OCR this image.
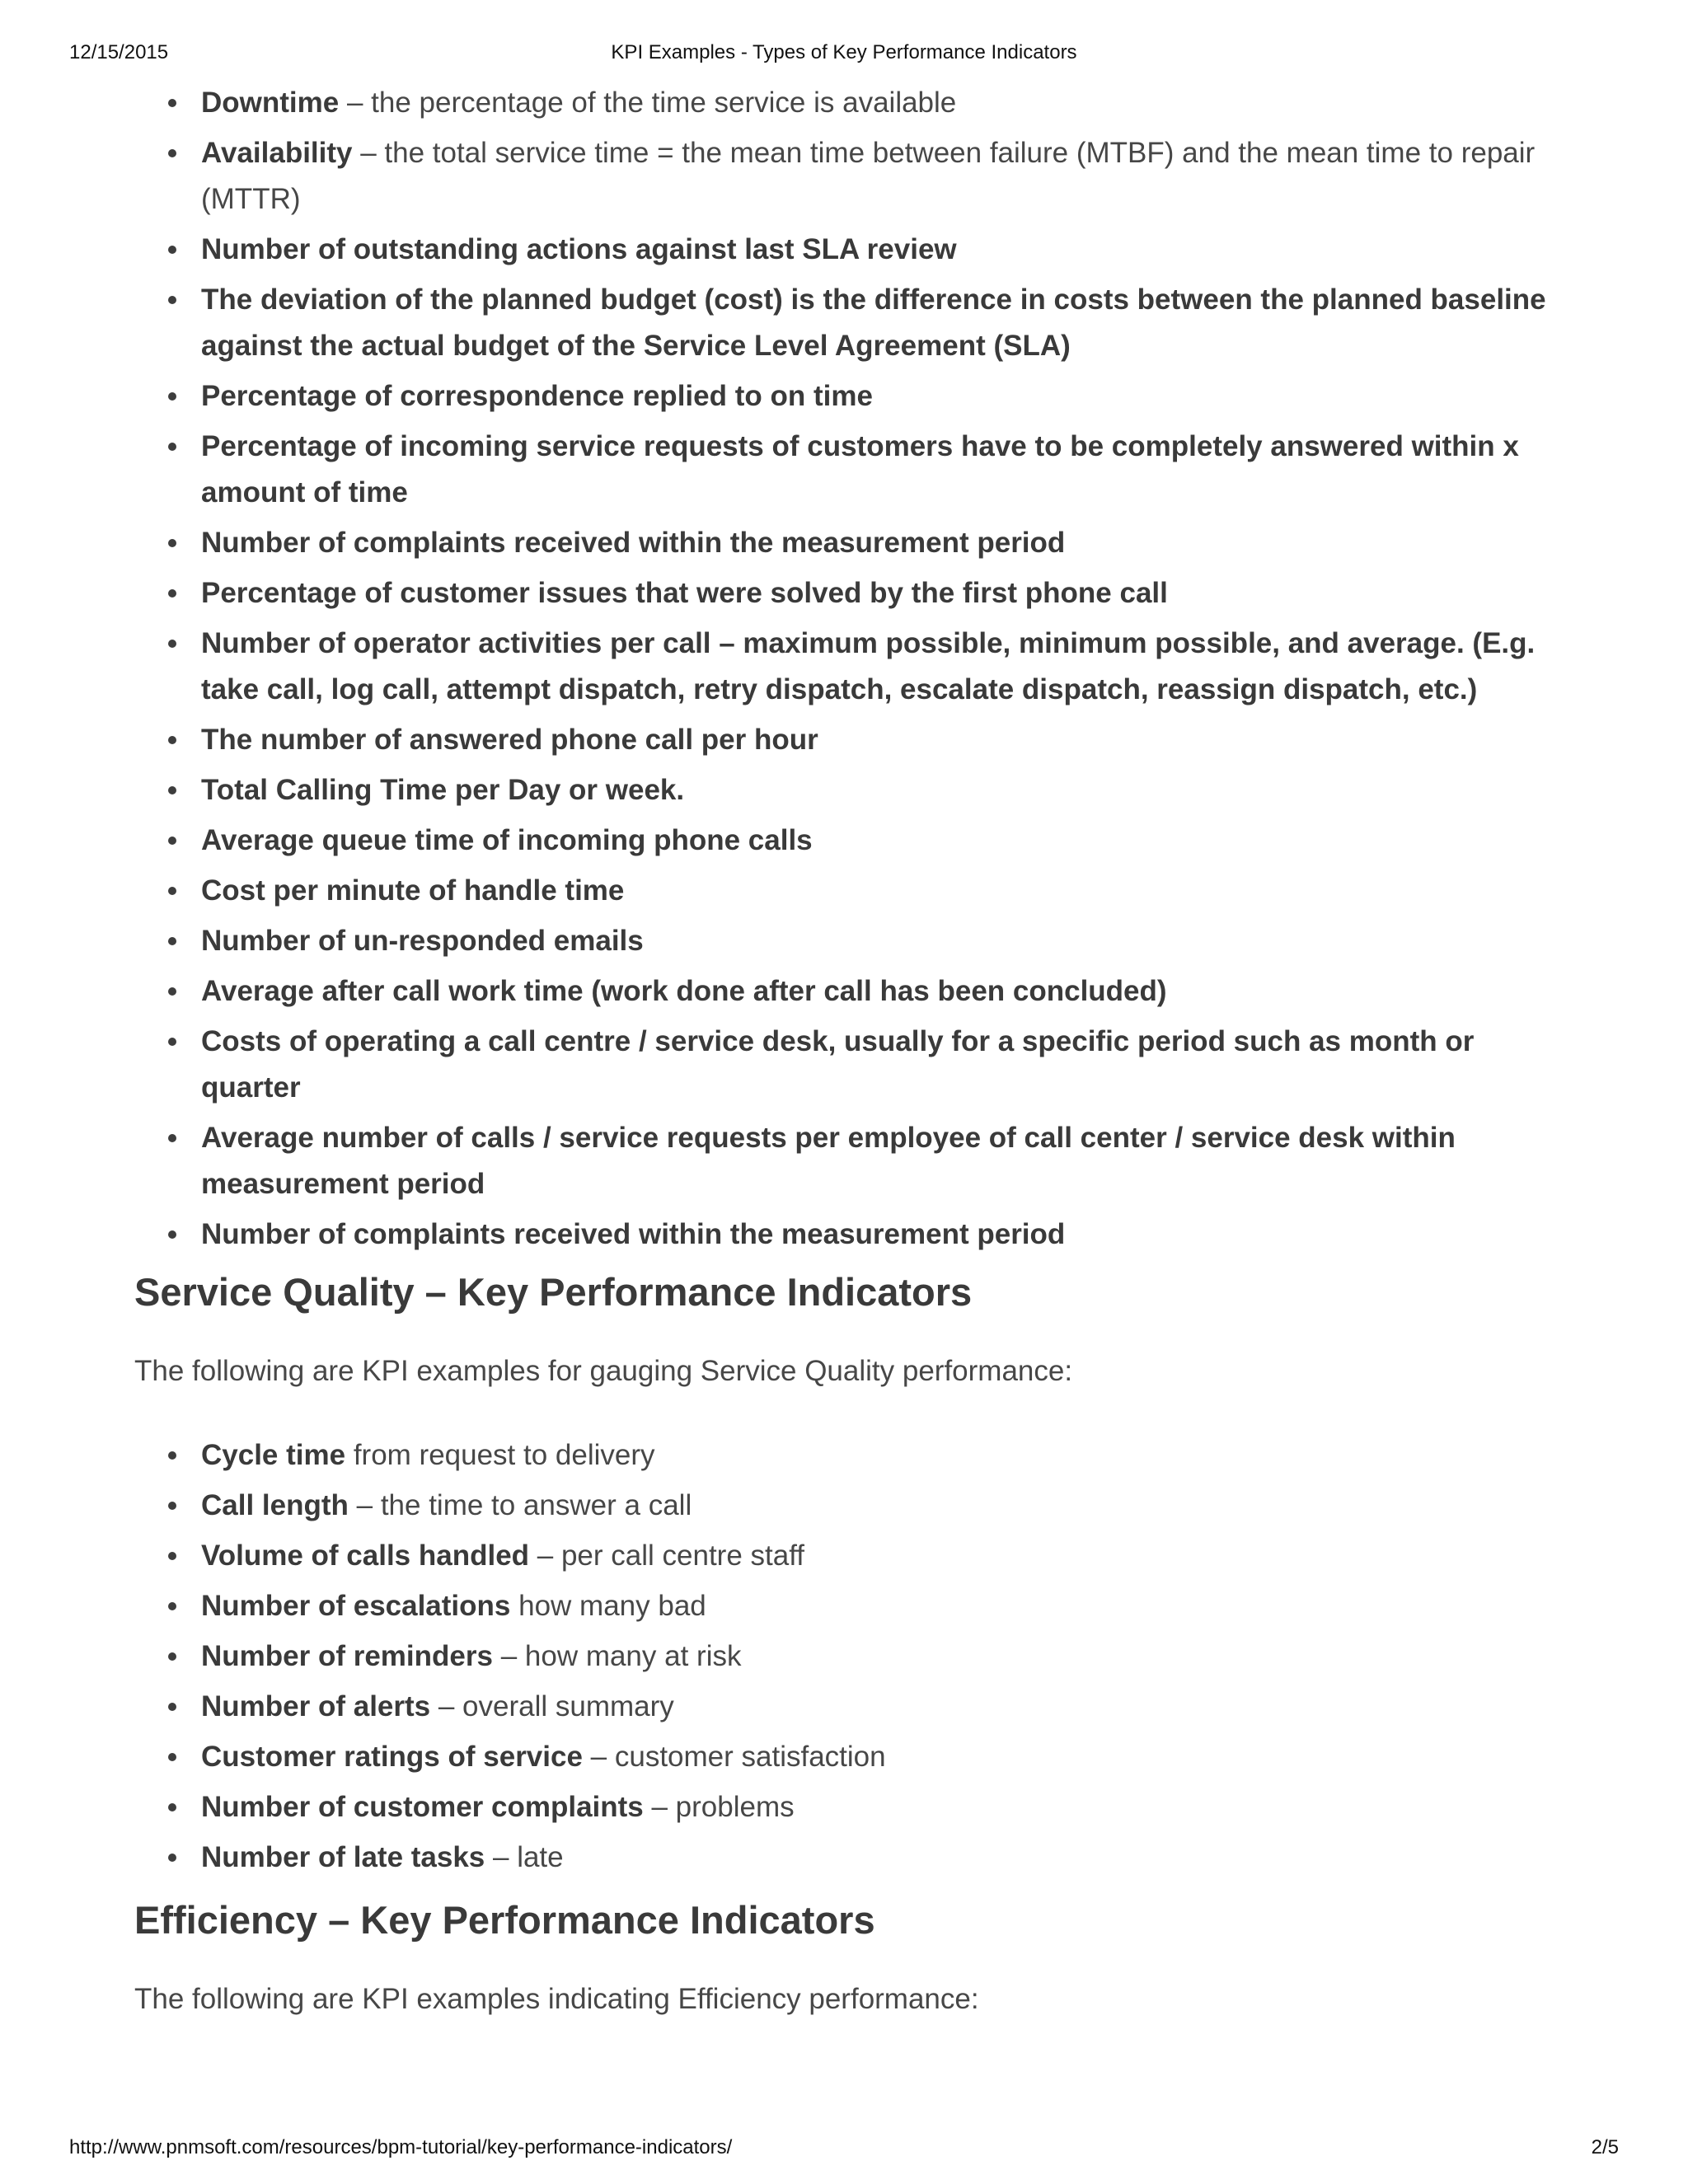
12/15/2015	KPI Examples - Types of Key Performance Indicators
Downtime – the percentage of the time service is available
Availability – the total service time = the mean time between failure (MTBF) and the mean time to repair (MTTR)
Number of outstanding actions against last SLA review
The deviation of the planned budget (cost) is the difference in costs between the planned baseline against the actual budget of the Service Level Agreement (SLA)
Percentage of correspondence replied to on time
Percentage of incoming service requests of customers have to be completely answered within x amount of time
Number of complaints received within the measurement period
Percentage of customer issues that were solved by the first phone call
Number of operator activities per call – maximum possible, minimum possible, and average. (E.g. take call, log call, attempt dispatch, retry dispatch, escalate dispatch, reassign dispatch, etc.)
The number of answered phone call per hour
Total Calling Time per Day or week.
Average queue time of incoming phone calls
Cost per minute of handle time
Number of un-responded emails
Average after call work time (work done after call has been concluded)
Costs of operating a call centre / service desk, usually for a specific period such as month or quarter
Average number of calls / service requests per employee of call center / service desk within measurement period
Number of complaints received within the measurement period
Service Quality – Key Performance Indicators

The following are KPI examples for gauging Service Quality performance:

Cycle time from request to delivery
Call length – the time to answer a call
Volume of calls handled – per call centre staff
Number of escalations how many bad
Number of reminders – how many at risk
Number of alerts – overall summary
Customer ratings of service – customer satisfaction
Number of customer complaints – problems
Number of late tasks – late
Efficiency – Key Performance Indicators

The following are KPI examples indicating Efficiency performance:

http://www.pnmsoft.com/resources/bpm-tutorial/key-performance-indicators/	2/5
